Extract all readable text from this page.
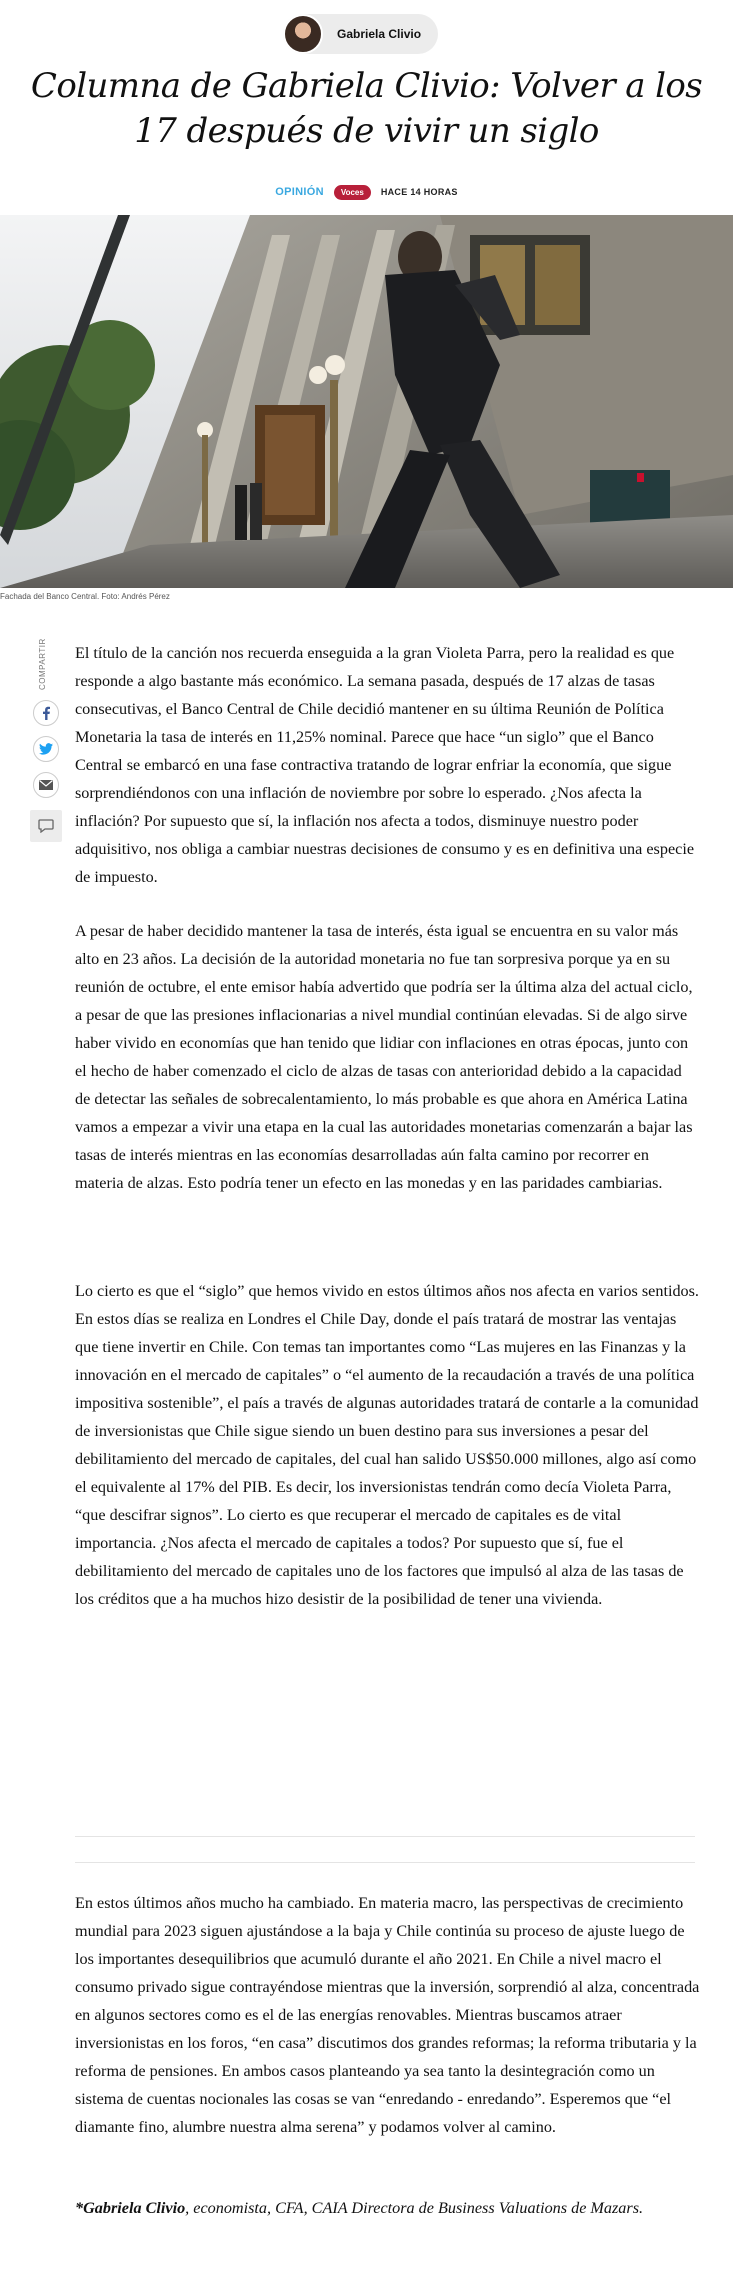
Gabriela Clivio
Columna de Gabriela Clivio: Volver a los 17 después de vivir un siglo
OPINIÓN	Voces	HACE 14 HORAS
Fachada del Banco Central. Foto: Andrés Pérez
COMPARTIR	El título de la canción nos recuerda enseguida a la gran Violeta Parra, pero la realidad es que responde a algo bastante más económico. La semana pasada, después de 17 alzas de tasas consecutivas, el Banco Central de Chile decidió mantener en su última Reunión de Política Monetaria la tasa de interés en 11,25% nominal. Parece que hace “un siglo” que el Banco Central se embarcó en una fase contractiva tratando de lograr enfriar la economía, que sigue sorprendiéndonos con una inflación de noviembre por sobre lo esperado. ¿Nos afecta la inflación? Por supuesto que sí, la inflación nos afecta a todos, disminuye nuestro poder adquisitivo, nos obliga a cambiar nuestras decisiones de consumo y es en definitiva una especie de impuesto.

A pesar de haber decidido mantener la tasa de interés, ésta igual se encuentra en su valor más alto en 23 años. La decisión de la autoridad monetaria no fue tan sorpresiva porque ya en su reunión de octubre, el ente emisor había advertido que podría ser la última alza del actual ciclo, a pesar de que las presiones inflacionarias a nivel mundial continúan elevadas. Si de algo sirve haber vivido en economías que han tenido que lidiar con inflaciones en otras épocas, junto con el hecho de haber comenzado el ciclo de alzas de tasas con anterioridad debido a la capacidad de detectar las señales de sobrecalentamiento, lo más probable es que ahora en América Latina vamos a empezar a vivir una etapa en la cual las autoridades monetarias comenzarán a bajar las tasas de interés mientras en las economías desarrolladas aún falta camino por recorrer en materia de alzas. Esto podría tener un efecto en las monedas y en las paridades cambiarias.

Lo cierto es que el “siglo” que hemos vivido en estos últimos años nos afecta en varios sentidos. En estos días se realiza en Londres el Chile Day, donde el país tratará de mostrar las ventajas que tiene invertir en Chile. Con temas tan importantes como “Las mujeres en las Finanzas y la innovación en el mercado de capitales” o “el aumento de la recaudación a través de una política impositiva sostenible”, el país a través de algunas autoridades tratará de contarle a la comunidad de inversionistas que Chile sigue siendo un buen destino para sus inversiones a pesar del debilitamiento del mercado de capitales, del cual han salido US$50.000 millones, algo así como el equivalente al 17% del PIB. Es decir, los inversionistas tendrán como decía Violeta Parra, “que descifrar signos”. Lo cierto es que recuperar el mercado de capitales es de vital importancia. ¿Nos afecta el mercado de capitales a todos? Por supuesto que sí, fue el debilitamiento del mercado de capitales uno de los factores que impulsó al alza de las tasas de los créditos que a ha muchos hizo desistir de la posibilidad de tener una vivienda.

En estos últimos años mucho ha cambiado. En materia macro, las perspectivas de crecimiento mundial para 2023 siguen ajustándose a la baja y Chile continúa su proceso de ajuste luego de los importantes desequilibrios que acumuló durante el año 2021. En Chile a nivel macro el consumo privado sigue contrayéndose mientras que la inversión, sorprendió al alza, concentrada en algunos sectores como es el de las energías renovables. Mientras buscamos atraer inversionistas en los foros, “en casa” discutimos dos grandes reformas; la reforma tributaria y la reforma de pensiones. En ambos casos planteando ya sea tanto la desintegración como un sistema de cuentas nocionales las cosas se van “enredando - enredando”. Esperemos que “el diamante fino, alumbre nuestra alma serena” y podamos volver al camino.

*Gabriela Clivio, economista, CFA, CAIA Directora de Business Valuations de Mazars.
